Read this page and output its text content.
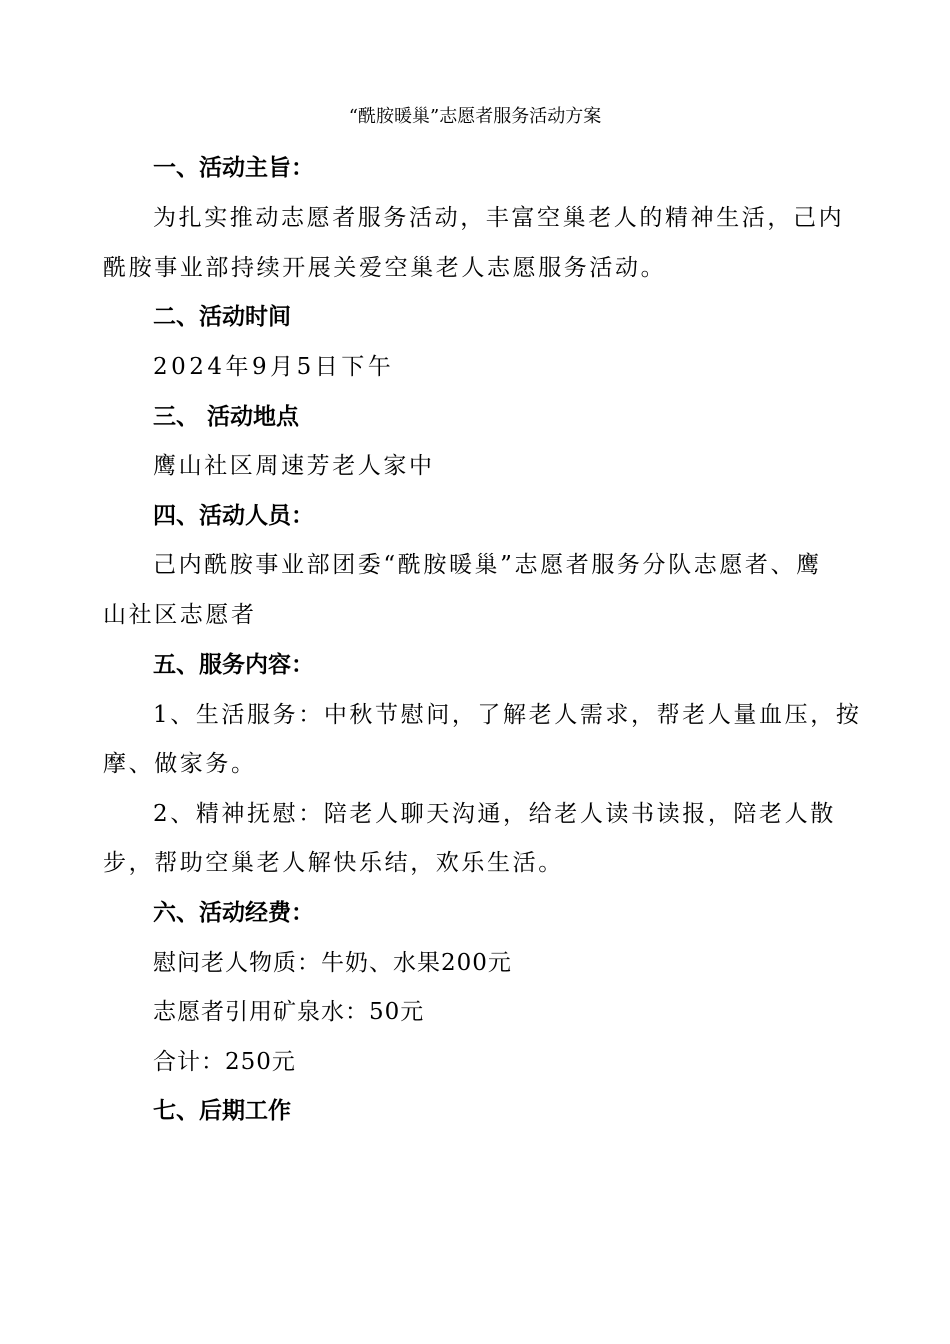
“酰胺暖巢”志愿者服务活动方案
一、活动主旨：
为扎实推动志愿者服务活动，丰富空巢老人的精神生活，己内
酰胺事业部持续开展关爱空巢老人志愿服务活动。
二、活动时间
2024年9月5日下午
三、 活动地点
鹰山社区周速芳老人家中
四、活动人员：
己内酰胺事业部团委“酰胺暖巢”志愿者服务分队志愿者、鹰
山社区志愿者
五、服务内容：
1、生活服务：中秋节慰问，了解老人需求，帮老人量血压，按
摩、做家务。
2、精神抚慰：陪老人聊天沟通，给老人读书读报，陪老人散
步，帮助空巢老人解快乐结，欢乐生活。
六、活动经费：
慰问老人物质：牛奶、水果200元
志愿者引用矿泉水：50元
合计：250元
七、后期工作
